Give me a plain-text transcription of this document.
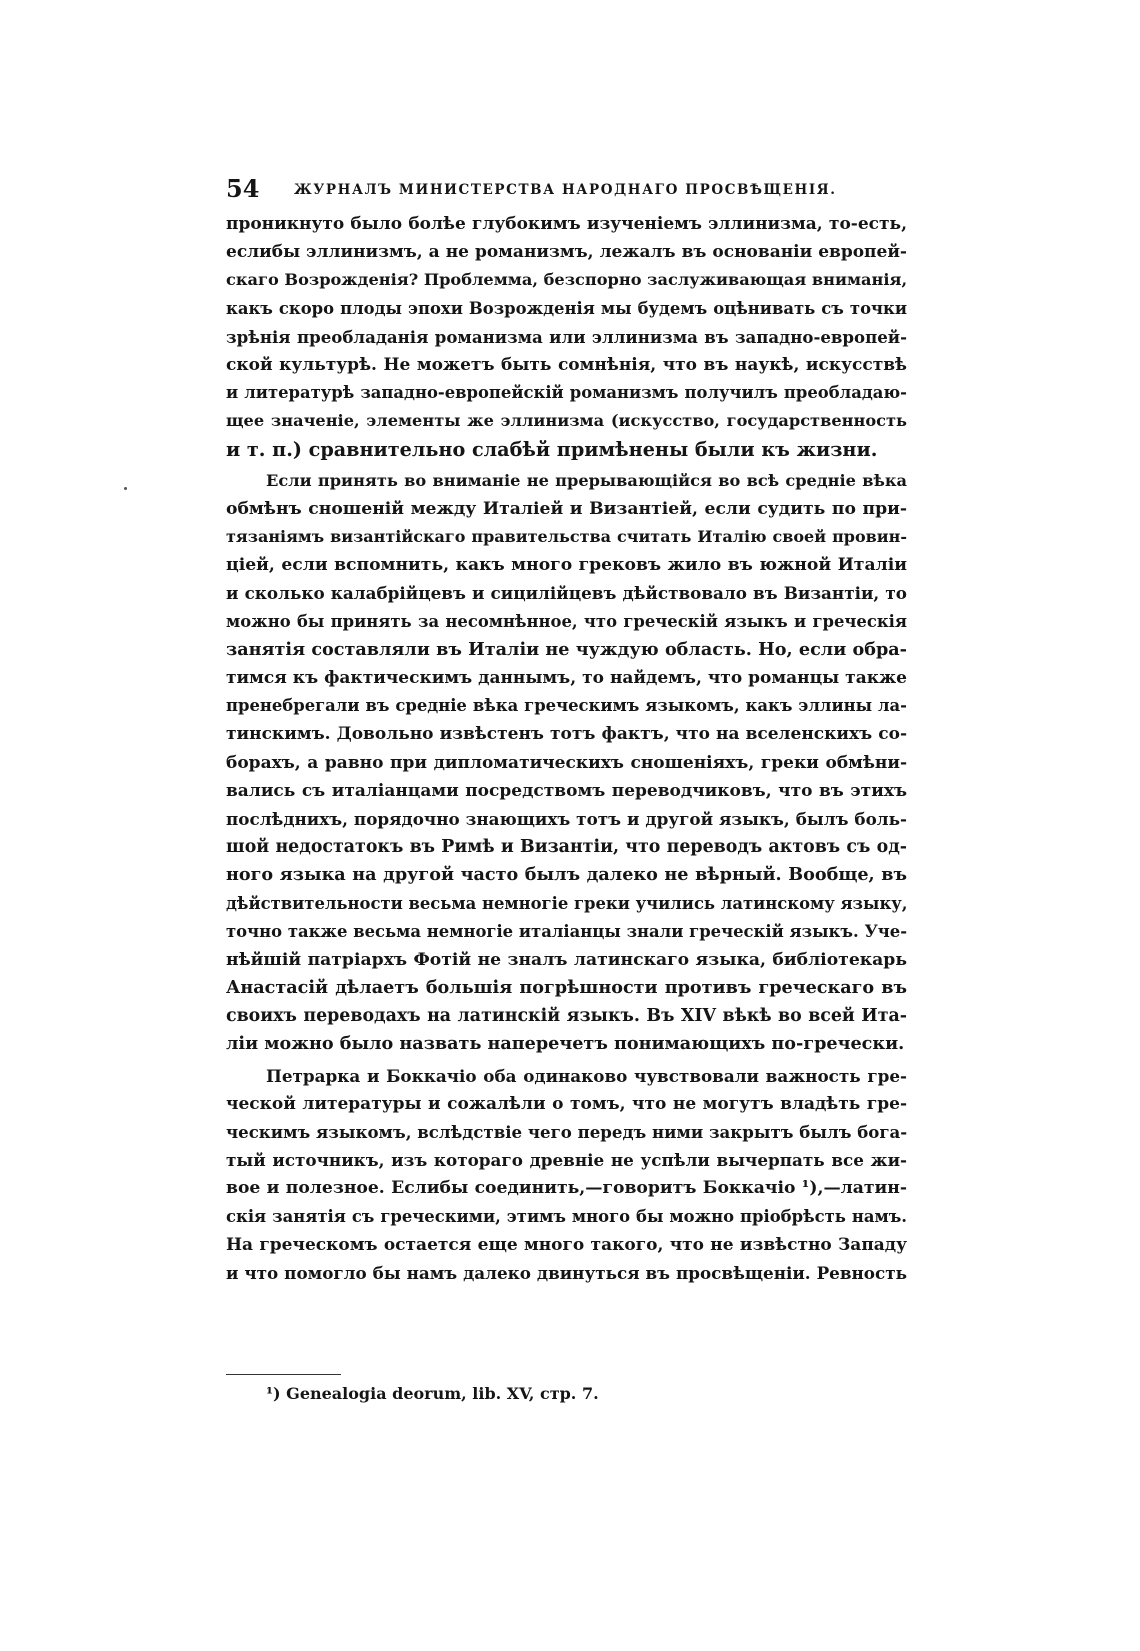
54	ЖУРНАЛЪ МИНИСТЕРСТВА НАРОДНАГО ПРОСВѢЩЕНІЯ.
проникнуто было болѣе глубокимъ изученіемъ эллинизма, то-есть,
еслибы эллинизмъ, а не романизмъ, лежалъ въ основаніи европей-
скаго Возрожденія? Проблемма, безспорно заслуживающая вниманія,
какъ скоро плоды эпохи Возрожденія мы будемъ оцѣнивать съ точки
зрѣнія преобладанія романизма или эллинизма въ западно-европей-
ской культурѣ. Не можетъ быть сомнѣнія, что въ наукѣ, искусствѣ
и литературѣ западно-европейскій романизмъ получилъ преобладаю-
щее значеніе, элементы же эллинизма (искусство, государственность
и т. п.) сравнительно слабѣй примѣнены были къ жизни.
Если принять во вниманіе не прерывающійся во всѣ средніе вѣка
обмѣнъ сношеній между Италіей и Византіей, если судить по при-
тязаніямъ византійскаго правительства считать Италію своей провин-
ціей, если вспомнить, какъ много грековъ жило въ южной Италіи
и сколько калабрійцевъ и сицилійцевъ дѣйствовало въ Византіи, то
можно бы принять за несомнѣнное, что греческій языкъ и греческія
занятія составляли въ Италіи не чуждую область. Но, если обра-
тимся къ фактическимъ даннымъ, то найдемъ, что романцы также
пренебрегали въ средніе вѣка греческимъ языкомъ, какъ эллины ла-
тинскимъ. Довольно извѣстенъ тотъ фактъ, что на вселенскихъ со-
борахъ, а равно при дипломатическихъ сношеніяхъ, греки обмѣни-
вались съ италіанцами посредствомъ переводчиковъ, что въ этихъ
послѣднихъ, порядочно знающихъ тотъ и другой языкъ, былъ боль-
шой недостатокъ въ Римѣ и Византіи, что переводъ актовъ съ од-
ного языка на другой часто былъ далеко не вѣрный. Вообще, въ
дѣйствительности весьма немногіе греки учились латинскому языку,
точно также весьма немногіе италіанцы знали греческій языкъ. Уче-
нѣйшій патріархъ Фотій не зналъ латинскаго языка, библіотекарь
Анастасій дѣлаетъ большія погрѣшности противъ греческаго въ
своихъ переводахъ на латинскій языкъ. Въ XIV вѣкѣ во всей Ита-
ліи можно было назвать наперечетъ понимающихъ по-гречески.
Петрарка и Боккачіо оба одинаково чувствовали важность гре-
ческой литературы и сожалѣли о томъ, что не могутъ владѣть гре-
ческимъ языкомъ, вслѣдствіе чего передъ ними закрытъ былъ бога-
тый источникъ, изъ котораго древніе не успѣли вычерпать все жи-
вое и полезное. Еслибы соединить,—говоритъ Боккачіо ¹),—латин-
скія занятія съ греческими, этимъ много бы можно пріобрѣсть намъ.
На греческомъ остается еще много такого, что не извѣстно Западу
и что помогло бы намъ далеко двинуться въ просвѣщеніи. Ревность
¹) Genealogia deorum, lib. XV, стр. 7.
